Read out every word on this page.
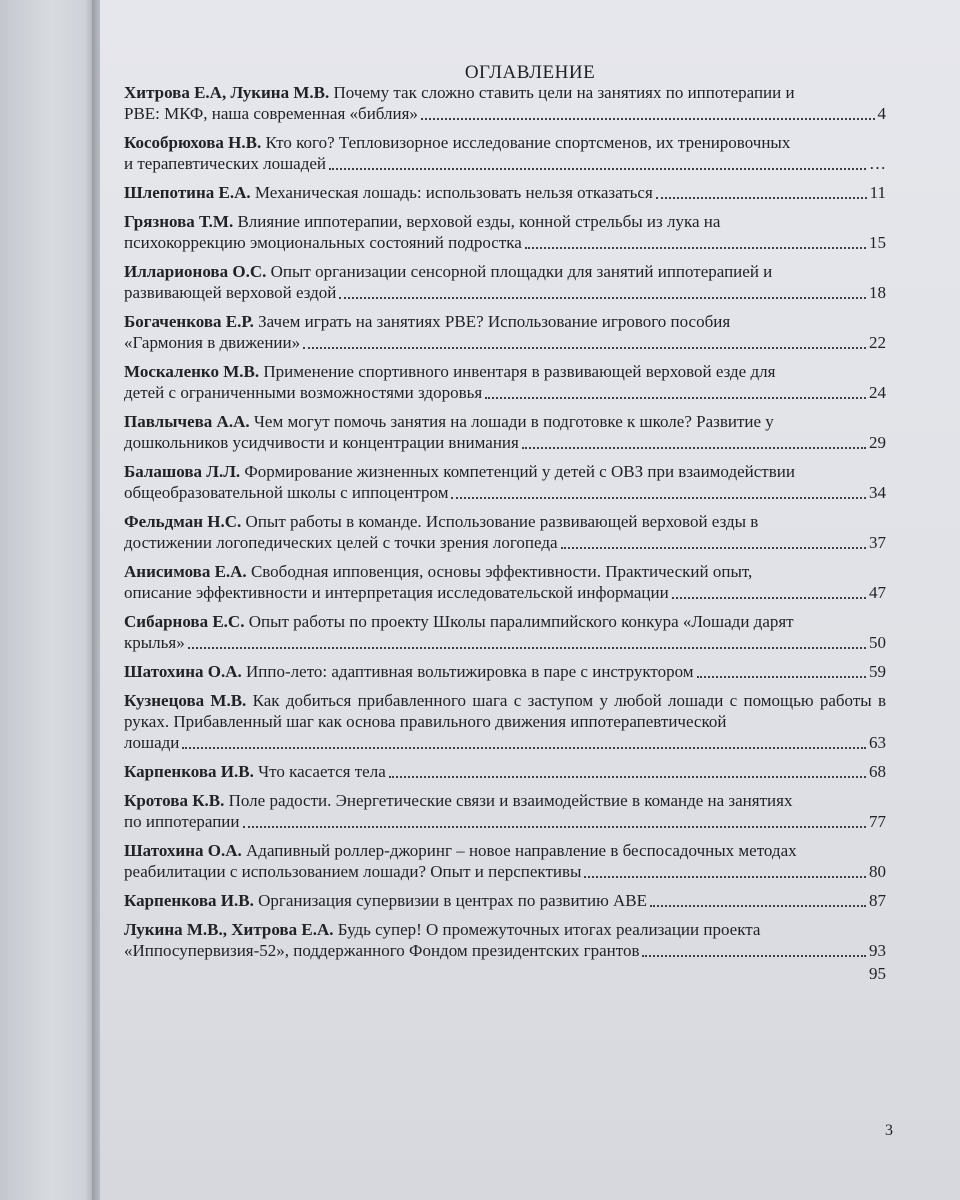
ОГЛАВЛЕНИЕ
Хитрова Е.А, Лукина М.В. Почему так сложно ставить цели на занятиях по иппотерапии и
РВЕ: МКФ, наша современная «библия»	4
Кособрюхова Н.В. Кто кого? Тепловизорное исследование спортсменов, их тренировочных
и терапевтических лошадей	…
Шлепотина Е.А.
Механическая лошадь: использовать нельзя отказаться	11
Грязнова Т.М. Влияние иппотерапии, верховой езды, конной стрельбы из лука на
психокоррекцию эмоциональных состояний подростка	15
Илларионова О.С. Опыт организации сенсорной площадки для занятий иппотерапией и
развивающей верховой ездой	18
Богаченкова Е.Р. Зачем играть на занятиях РВЕ? Использование игрового пособия
«Гармония в движении»	22
Москаленко М.В. Применение спортивного инвентаря в развивающей верховой езде для
детей с ограниченными возможностями здоровья	24
Павлычева А.А. Чем могут помочь занятия на лошади в подготовке к школе? Развитие у
дошкольников усидчивости и концентрации внимания	29
Балашова Л.Л. Формирование жизненных компетенций у детей с ОВЗ при взаимодействии
общеобразовательной школы с иппоцентром	34
Фельдман Н.С. Опыт работы в команде. Использование развивающей верховой езды в
достижении логопедических целей с точки зрения логопеда	37
Анисимова Е.А. Свободная ипповенция, основы эффективности. Практический опыт,
описание эффективности и интерпретация исследовательской информации	47
Сибарнова Е.С. Опыт работы по проекту Школы паралимпийского конкура «Лошади дарят
крылья»	50
Шатохина О.А.
Иппо-лето: адаптивная вольтижировка в паре с инструктором	59
Кузнецова М.В. Как добиться прибавленного шага с заступом у любой лошади с помощью работы в руках. Прибавленный шаг как основа правильного движения иппотерапевтической
лошади	63
Карпенкова И.В.
Что касается тела	68
Кротова К.В. Поле радости. Энергетические связи и взаимодействие в команде на занятиях
по иппотерапии	77
Шатохина О.А. Адапивный роллер-джоринг – новое направление в беспосадочных методах
реабилитации с использованием лошади? Опыт и перспективы	80
Карпенкова И.В.
Организация супервизии в центрах по развитию АВЕ	87
Лукина М.В., Хитрова Е.А. Будь супер! О промежуточных итогах реализации проекта
«Иппосупервизия-52», поддержанного Фондом президентских грантов	93
95
3
